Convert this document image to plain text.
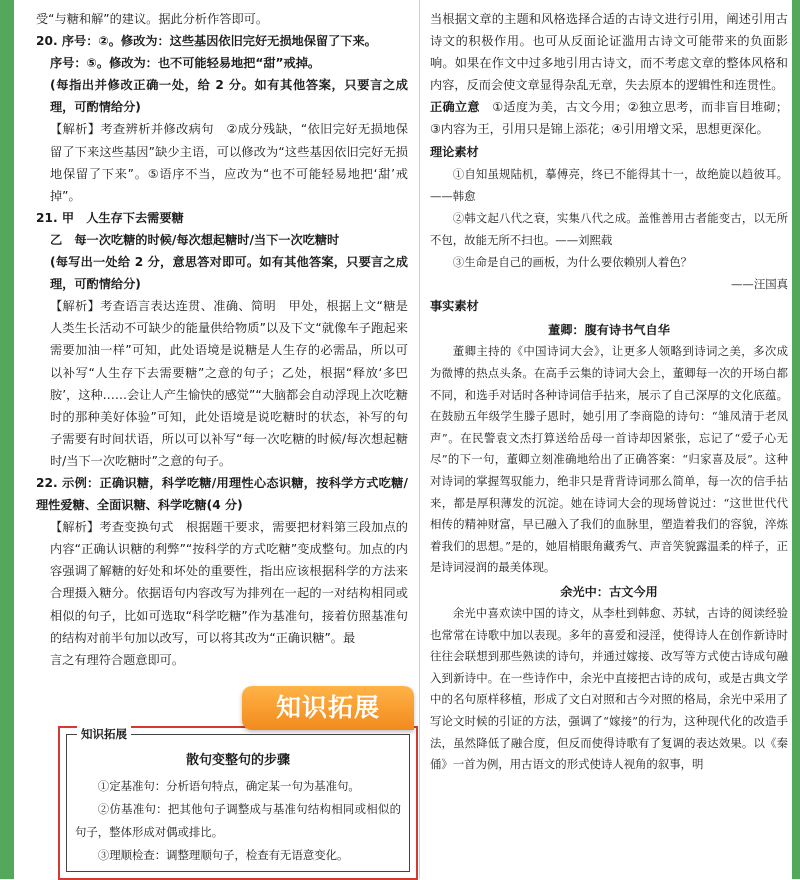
受“与糖和解”的建议。据此分析作答即可。

20. 序号：②。修改为：这些基因依旧完好无损地保留了下来。

序号：⑤。修改为：也不可能轻易地把“甜”戒掉。

(每指出并修改正确一处，给 2 分。如有其他答案，只要言之成理，可酌情给分)

【解析】考查辨析并修改病句　②成分残缺，“依旧完好无损地保留了下来这些基因”缺少主语，可以修改为“这些基因依旧完好无损地保留了下来”。⑤语序不当，应改为“也不可能轻易地把‘甜’戒掉”。

21. 甲　人生存下去需要糖

乙　每一次吃糖的时候/每次想起糖时/当下一次吃糖时

(每写出一处给 2 分，意思答对即可。如有其他答案，只要言之成理，可酌情给分)

【解析】考查语言表达连贯、准确、简明　甲处，根据上文“糖是人类生长活动不可缺少的能量供给物质”以及下文“就像车子跑起来需要加油一样”可知，此处语境是说糖是人生存的必需品，所以可以补写“人生存下去需要糖”之意的句子；乙处，根据“释放‘多巴胺’，这种……会让人产生愉快的感觉”“大脑都会自动浮现上次吃糖时的那种美好体验”可知，此处语境是说吃糖时的状态，补写的句子需要有时间状语，所以可以补写“每一次吃糖的时候/每次想起糖时/当下一次吃糖时”之意的句子。

22. 示例：正确识糖，科学吃糖/用理性心态识糖，按科学方式吃糖/理性爱糖、全面识糖、科学吃糖(4 分)

【解析】考查变换句式　根据题干要求，需要把材料第三段加点的内容“正确认识糖的利弊”“按科学的方式吃糖”变成整句。加点的内容强调了解糖的好处和坏处的重要性，指出应该根据科学的方法来合理摄入糖分。依据语句内容改写为排列在一起的一对结构相同或相似的句子，比如可选取“科学吃糖”作为基准句，接着仿照基准句的结构对前半句加以改写，可以将其改为“正确识糖”。最

言之有理符合题意即可。

当根据文章的主题和风格选择合适的古诗文进行引用，阐述引用古诗文的积极作用。也可从反面论证滥用古诗文可能带来的负面影响。如果在作文中过多地引用古诗文，而不考虑文章的整体风格和内容，反而会使文章显得杂乱无章，失去原本的逻辑性和连贯性。

正确立意　 ①适度为美，古文今用；②独立思考，而非盲目堆砌；③内容为王，引用只是锦上添花；④引用增文采，思想更深化。

理论素材

①自知虽规陆机，摹傅亮，终已不能得其十一，故绝旋以趋彼耳。——韩愈

②韩文起八代之衰，实集八代之成。盖惟善用古者能变古，以无所不包，故能无所不扫也。——刘熙载

③生命是自己的画板，为什么要依赖别人着色？

——汪国真

事实素材

董卿：腹有诗书气自华

董卿主持的《中国诗词大会》，让更多人领略到诗词之美，多次成为微博的热点头条。在高手云集的诗词大会上，董卿每一次的开场白都不同，和选手对话时各种诗词信手拈来，展示了自己深厚的文化底蕴。在鼓励五年级学生滕子恩时，她引用了李商隐的诗句：“雏凤清于老凤声”。在民警袁文杰打算送给岳母一首诗却因紧张，忘记了“爱子心无尽”的下一句，董卿立刻准确地给出了正确答案：“归家喜及辰”。这种对诗词的掌握驾驭能力，绝非只是背背诗词那么简单，每一次的信手拈来，都是厚积薄发的沉淀。她在诗词大会的现场曾说过：“这世世代代相传的精神财富，早已融入了我们的血脉里，塑造着我们的容貌，淬炼着我们的思想。”是的，她眉梢眼角藏秀气、声音笑貌露温柔的样子，正是诗词浸润的最美体现。

余光中：古文今用

余光中喜欢读中国的诗文，从李杜到韩愈、苏轼，古诗的阅读经验也常常在诗歌中加以表现。多年的喜爱和浸淫，使得诗人在创作新诗时往往会联想到那些熟读的诗句，并通过嫁接、改写等方式使古诗成句融入到新诗中。在一些诗作中，余光中直接把古诗的成句，或是古典文学中的名句原样移植，形成了文白对照和古今对照的格局，余光中采用了写论文时候的引证的方法，强调了“嫁接”的行为，这种现代化的改造手法，虽然降低了融合度，但反而使得诗歌有了复调的表达效果。以《秦俑》一首为例，用古语文的形式使诗人视角的叙事，明

知识拓展
散句变整句的步骤

①定基准句：分析语句特点，确定某一句为基准句。

②仿基准句：把其他句子调整成与基准句结构相同或相似的句子，整体形成对偶或排比。

③理顺检查：调整理顺句子，检查有无语意变化。

知识拓展
